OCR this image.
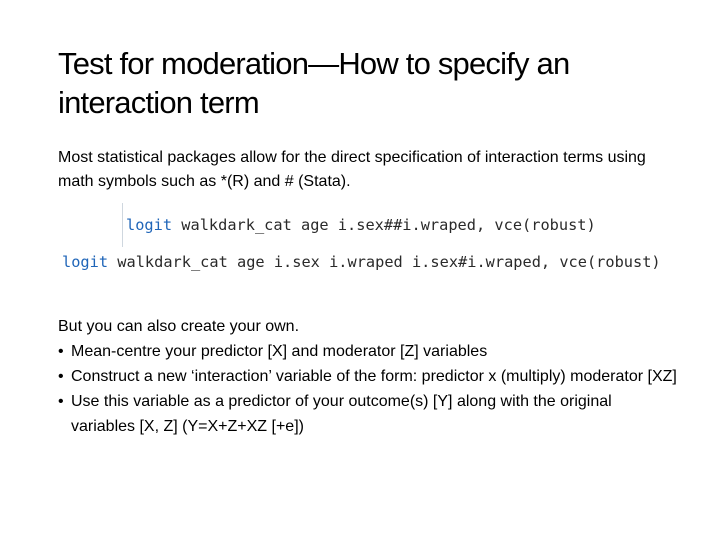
Test for moderation—How to specify an interaction term
Most statistical packages allow for the direct specification of interaction terms using math symbols such as *(R) and # (Stata).
logit walkdark_cat age i.sex##i.wraped, vce(robust)
logit walkdark_cat age i.sex i.wraped i.sex#i.wraped, vce(robust)

But you can also create your own.

• Mean-centre your predictor [X] and moderator [Z] variables
• Construct a new ‘interaction’ variable of the form: predictor x (multiply) moderator [XZ]
• Use this variable as a predictor of your outcome(s) [Y] along with the original variables [X, Z] (Y=X+Z+XZ [+e])
